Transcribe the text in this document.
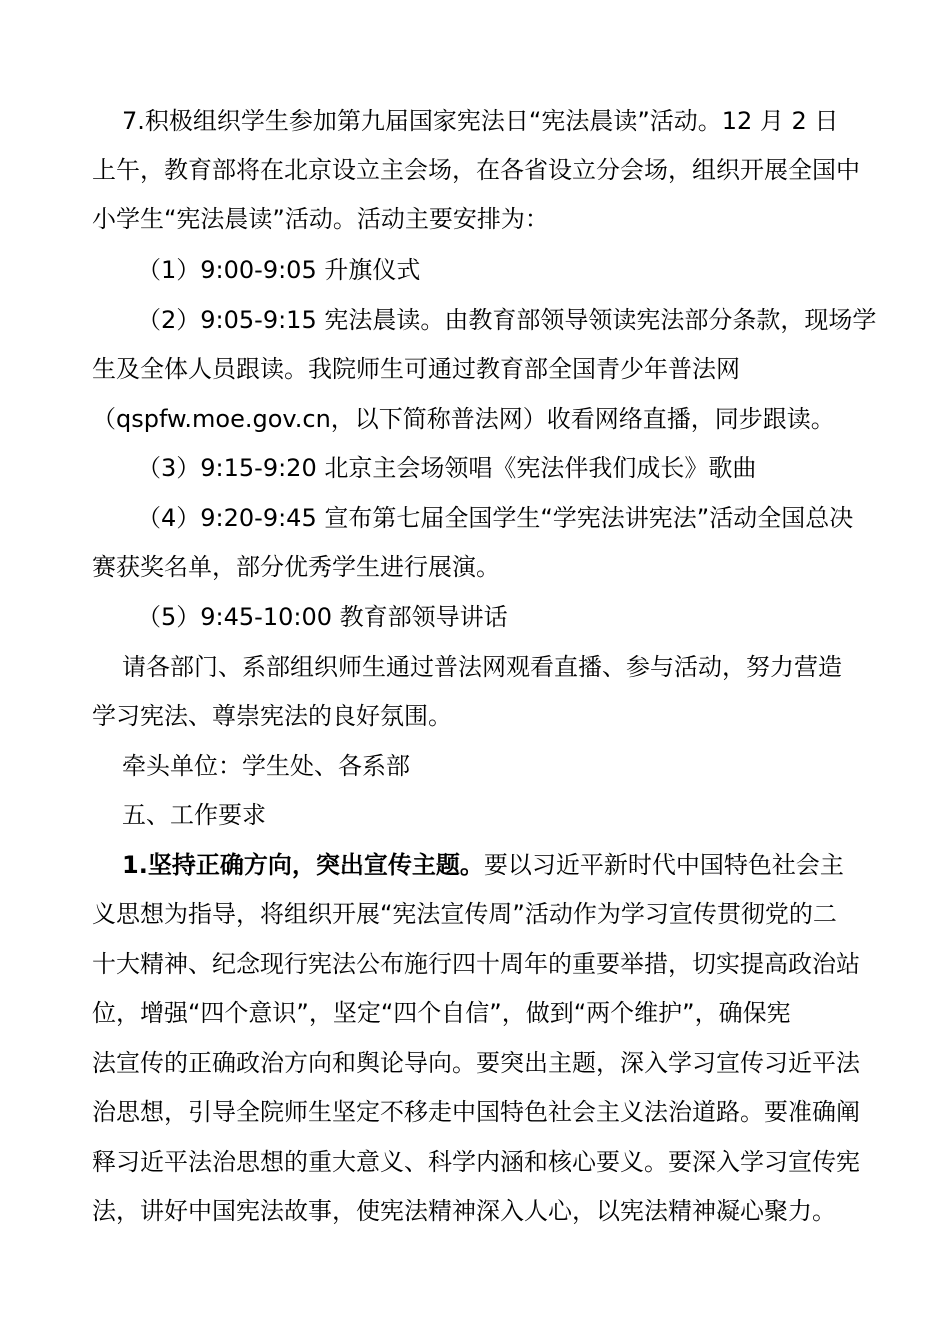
7.积极组织学生参加第九届国家宪法日“宪法晨读”活动。12 月 2 日
上午，教育部将在北京设立主会场，在各省设立分会场，组织开展全国中
小学生“宪法晨读”活动。活动主要安排为：
（1）9:00-9:05 升旗仪式
（2）9:05-9:15 宪法晨读。由教育部领导领读宪法部分条款，现场学
生及全体人员跟读。我院师生可通过教育部全国青少年普法网
（qspfw.moe.gov.cn，以下简称普法网）收看网络直播，同步跟读。
（3）9:15-9:20 北京主会场领唱《宪法伴我们成长》歌曲
（4）9:20-9:45 宣布第七届全国学生“学宪法讲宪法”活动全国总决
赛获奖名单，部分优秀学生进行展演。
（5）9:45-10:00 教育部领导讲话
请各部门、系部组织师生通过普法网观看直播、参与活动，努力营造
学习宪法、尊崇宪法的良好氛围。
牵头单位：学生处、各系部
五、工作要求
1.坚持正确方向，突出宣传主题。要以习近平新时代中国特色社会主
义思想为指导，将组织开展“宪法宣传周”活动作为学习宣传贯彻党的二
十大精神、纪念现行宪法公布施行四十周年的重要举措，切实提高政治站
位，增强“四个意识”，坚定“四个自信”，做到“两个维护”，确保宪
法宣传的正确政治方向和舆论导向。要突出主题，深入学习宣传习近平法
治思想，引导全院师生坚定不移走中国特色社会主义法治道路。要准确阐
释习近平法治思想的重大意义、科学内涵和核心要义。要深入学习宣传宪
法，讲好中国宪法故事，使宪法精神深入人心，以宪法精神凝心聚力。
